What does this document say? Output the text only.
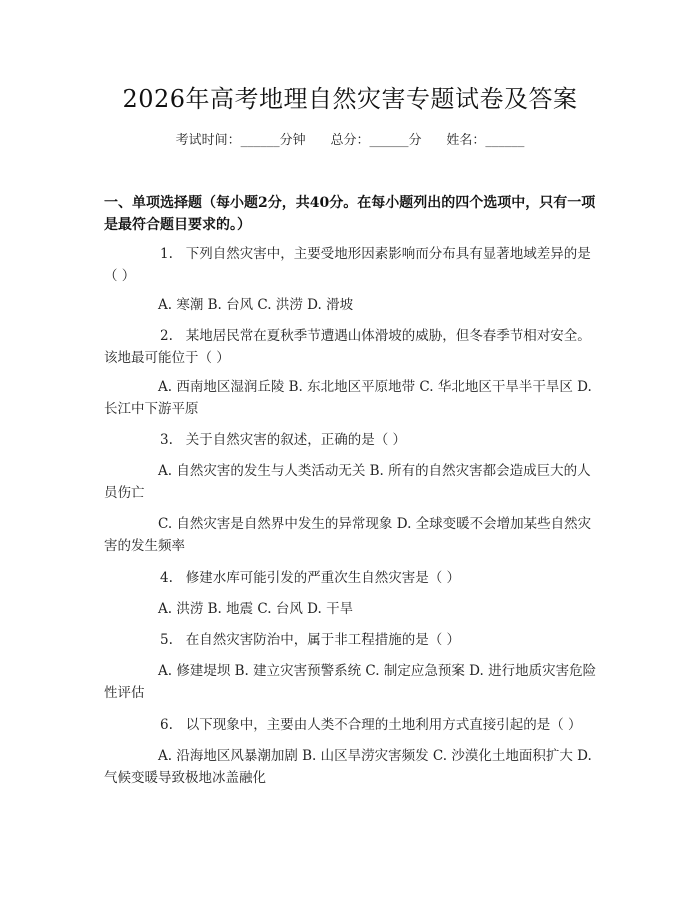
2026年高考地理自然灾害专题试卷及答案
考试时间：______分钟 总分：______分 姓名：______
一、单项选择题（每小题2分，共40分。在每小题列出的四个选项中，只有一项是最符合题目要求的。）
1. 下列自然灾害中，主要受地形因素影响而分布具有显著地域差异的是（ ）
A. 寒潮 B. 台风 C. 洪涝 D. 滑坡
2. 某地居民常在夏秋季节遭遇山体滑坡的威胁，但冬春季节相对安全。该地最可能位于（ ）
A. 西南地区湿润丘陵 B. 东北地区平原地带 C. 华北地区干旱半干旱区 D. 长江中下游平原
3. 关于自然灾害的叙述，正确的是（ ）
A. 自然灾害的发生与人类活动无关 B. 所有的自然灾害都会造成巨大的人员伤亡
C. 自然灾害是自然界中发生的异常现象 D. 全球变暖不会增加某些自然灾害的发生频率
4. 修建水库可能引发的严重次生自然灾害是（ ）
A. 洪涝 B. 地震 C. 台风 D. 干旱
5. 在自然灾害防治中，属于非工程措施的是（ ）
A. 修建堤坝 B. 建立灾害预警系统 C. 制定应急预案 D. 进行地质灾害危险性评估
6. 以下现象中，主要由人类不合理的土地利用方式直接引起的是（ ）
A. 沿海地区风暴潮加剧 B. 山区旱涝灾害频发 C. 沙漠化土地面积扩大 D. 气候变暖导致极地冰盖融化
